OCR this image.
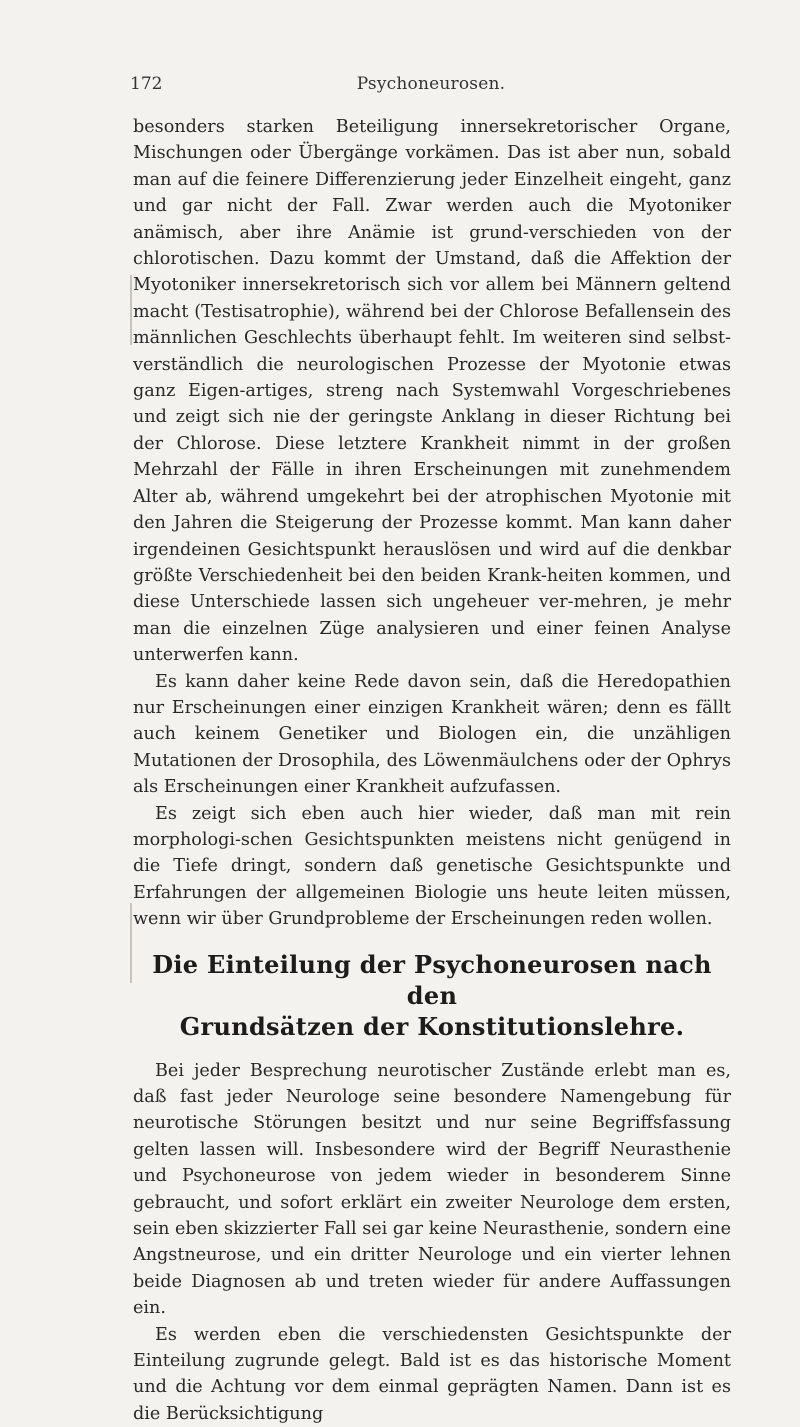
172	Psychoneurosen.

besonders starken Beteiligung innersekretorischer Organe, Mischungen oder Übergänge vorkämen. Das ist aber nun, sobald man auf die feinere Differenzierung jeder Einzelheit eingeht, ganz und gar nicht der Fall. Zwar werden auch die Myotoniker anämisch, aber ihre Anämie ist grund-verschieden von der chlorotischen. Dazu kommt der Umstand, daß die Affektion der Myotoniker innersekretorisch sich vor allem bei Männern geltend macht (Testisatrophie), während bei der Chlorose Befallensein des männlichen Geschlechts überhaupt fehlt. Im weiteren sind selbst-verständlich die neurologischen Prozesse der Myotonie etwas ganz Eigen-artiges, streng nach Systemwahl Vorgeschriebenes und zeigt sich nie der geringste Anklang in dieser Richtung bei der Chlorose. Diese letztere Krankheit nimmt in der großen Mehrzahl der Fälle in ihren Erscheinungen mit zunehmendem Alter ab, während umgekehrt bei der atrophischen Myotonie mit den Jahren die Steigerung der Prozesse kommt. Man kann daher irgendeinen Gesichtspunkt herauslösen und wird auf die denkbar größte Verschiedenheit bei den beiden Krank-heiten kommen, und diese Unterschiede lassen sich ungeheuer ver-mehren, je mehr man die einzelnen Züge analysieren und einer feinen Analyse unterwerfen kann.

Es kann daher keine Rede davon sein, daß die Heredopathien nur Erscheinungen einer einzigen Krankheit wären; denn es fällt auch keinem Genetiker und Biologen ein, die unzähligen Mutationen der Drosophila, des Löwenmäulchens oder der Ophrys als Erscheinungen einer Krankheit aufzufassen.

Es zeigt sich eben auch hier wieder, daß man mit rein morphologi-schen Gesichtspunkten meistens nicht genügend in die Tiefe dringt, sondern daß genetische Gesichtspunkte und Erfahrungen der allgemeinen Biologie uns heute leiten müssen, wenn wir über Grundprobleme der Erscheinungen reden wollen.

Die Einteilung der Psychoneurosen nach den
Grundsätzen der Konstitutionslehre.

Bei jeder Besprechung neurotischer Zustände erlebt man es, daß fast jeder Neurologe seine besondere Namengebung für neurotische Störungen besitzt und nur seine Begriffsfassung gelten lassen will. Insbesondere wird der Begriff Neurasthenie und Psychoneurose von jedem wieder in besonderem Sinne gebraucht, und sofort erklärt ein zweiter Neurologe dem ersten, sein eben skizzierter Fall sei gar keine Neurasthenie, sondern eine Angstneurose, und ein dritter Neurologe und ein vierter lehnen beide Diagnosen ab und treten wieder für andere Auffassungen ein.

Es werden eben die verschiedensten Gesichtspunkte der Einteilung zugrunde gelegt. Bald ist es das historische Moment und die Achtung vor dem einmal geprägten Namen. Dann ist es die Berücksichtigung
